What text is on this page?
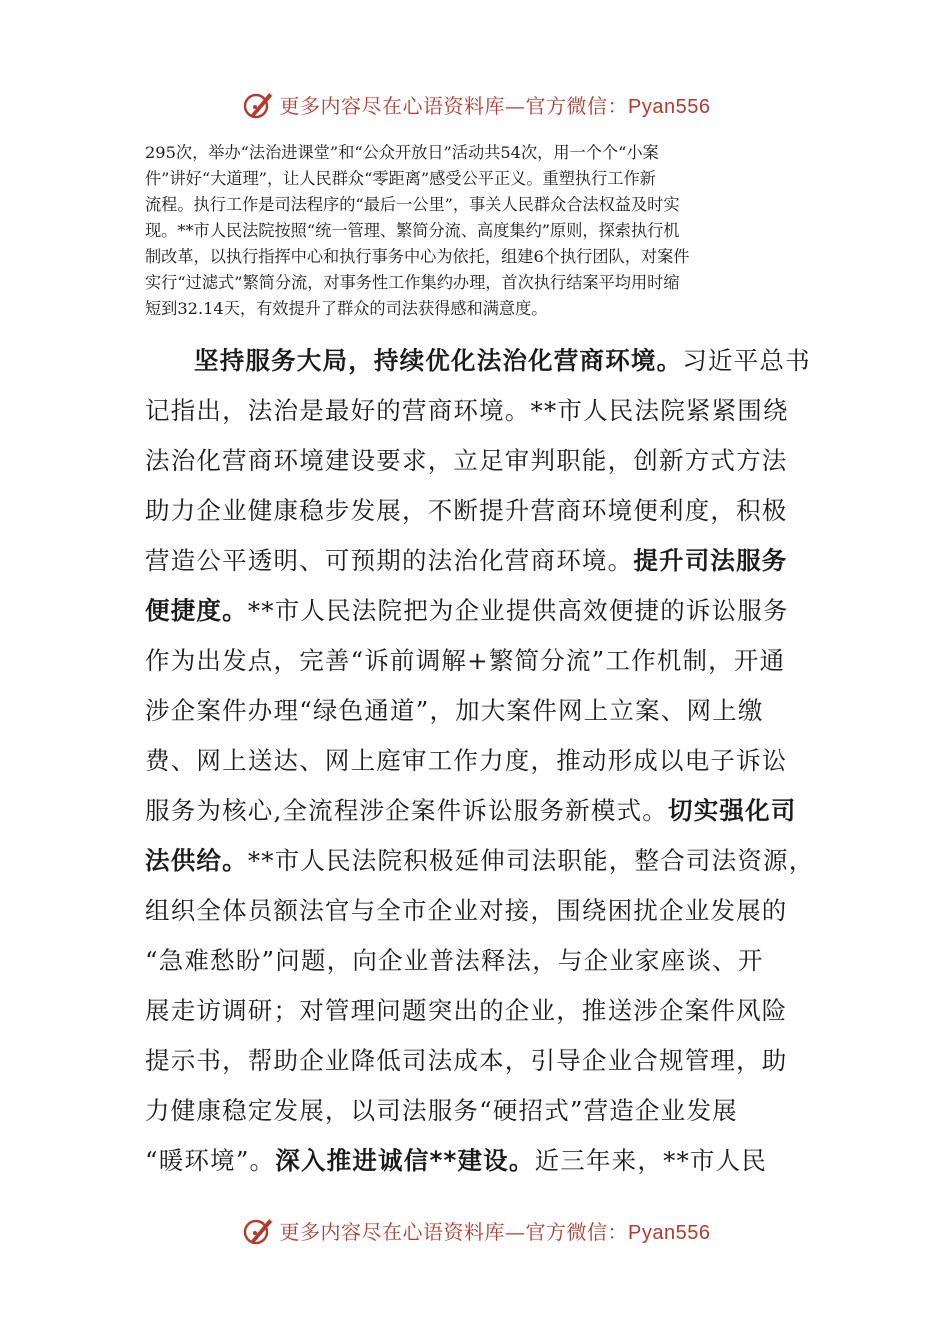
更多内容尽在心语资料库—官方微信：Pyan556
295次，举办“法治进课堂”和“公众开放日”活动共54次，用一个个“小案
件”讲好“大道理”，让人民群众“零距离”感受公平正义。重塑执行工作新
流程。执行工作是司法程序的“最后一公里”，事关人民群众合法权益及时实
现。**市人民法院按照“统一管理、繁简分流、高度集约”原则，探索执行机
制改革，以执行指挥中心和执行事务中心为依托，组建6个执行团队，对案件
实行“过滤式”繁简分流，对事务性工作集约办理，首次执行结案平均用时缩
短到32.14天，有效提升了群众的司法获得感和满意度。
坚持服务大局，持续优化法治化营商环境。习近平总书
记指出，法治是最好的营商环境。**市人民法院紧紧围绕
法治化营商环境建设要求，立足审判职能，创新方式方法
助力企业健康稳步发展，不断提升营商环境便利度，积极
营造公平透明、可预期的法治化营商环境。提升司法服务
便捷度。**市人民法院把为企业提供高效便捷的诉讼服务
作为出发点，完善“诉前调解+繁简分流”工作机制，开通
涉企案件办理“绿色通道”，加大案件网上立案、网上缴
费、网上送达、网上庭审工作力度，推动形成以电子诉讼
服务为核心,全流程涉企案件诉讼服务新模式。切实强化司
法供给。**市人民法院积极延伸司法职能，整合司法资源，
组织全体员额法官与全市企业对接，围绕困扰企业发展的
“急难愁盼”问题，向企业普法释法，与企业家座谈、开
展走访调研；对管理问题突出的企业，推送涉企案件风险
提示书，帮助企业降低司法成本，引导企业合规管理，助
力健康稳定发展，以司法服务“硬招式”营造企业发展
“暖环境”。深入推进诚信**建设。近三年来，**市人民
更多内容尽在心语资料库—官方微信：Pyan556
